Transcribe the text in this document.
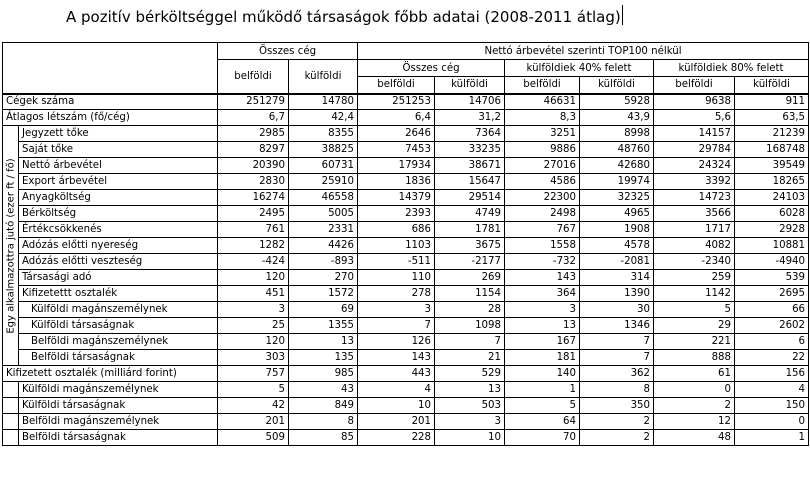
A pozitív bérköltséggel működő társaságok főbb adatai (2008-2011 átlag)
		Összes cég		Nettó árbevétel szerinti TOP100 nélkül					
		belföldi	külföldi	Összes cég		külföldiek 40% felett		külföldiek 80% felett	
				belföldi	külföldi	belföldi	külföldi	belföldi	külföldi
Cégek száma		251279	14780	251253	14706	46631	5928	9638	911
Átlagos létszám (fő/cég)		6,7	42,4	6,4	31,2	8,3	43,9	5,6	63,5

Egy alkalmazottra jutó (ezer ft / fő)	Jegyzett tőke	2985	8355	2646	7364	3251	8998	14157	21239
	Saját tőke	8297	38825	7453	33235	9886	48760	29784	168748
	Nettó árbevétel	20390	60731	17934	38671	27016	42680	24324	39549
	Export árbevétel	2830	25910	1836	15647	4586	19974	3392	18265
	Anyagköltség	16274	46558	14379	29514	22300	32325	14723	24103
	Bérköltség	2495	5005	2393	4749	2498	4965	3566	6028
	Értékcsökkenés	761	2331	686	1781	767	1908	1717	2928
	Adózás előtti nyereség	1282	4426	1103	3675	1558	4578	4082	10881
	Adózás előtti veszteség	-424	-893	-511	-2177	-732	-2081	-2340	-4940
	Társasági adó	120	270	110	269	143	314	259	539
	Kifizetettt osztalék	451	1572	278	1154	364	1390	1142	2695
	Külföldi magánszemélynek	3	69	3	28	3	30	5	66
	Külföldi társaságnak	25	1355	7	1098	13	1346	29	2602
	Belföldi magánszemélynek	120	13	126	7	167	7	221	6
	Belföldi társaságnak	303	135	143	21	181	7	888	22
Kifizetett osztalék (milliárd forint)		757	985	443	529	140	362	61	156
	Külföldi magánszemélynek	5	43	4	13	1	8	0	4
	Külföldi társaságnak	42	849	10	503	5	350	2	150
	Belföldi magánszemélynek	201	8	201	3	64	2	12	0
	Belföldi társaságnak	509	85	228	10	70	2	48	1
